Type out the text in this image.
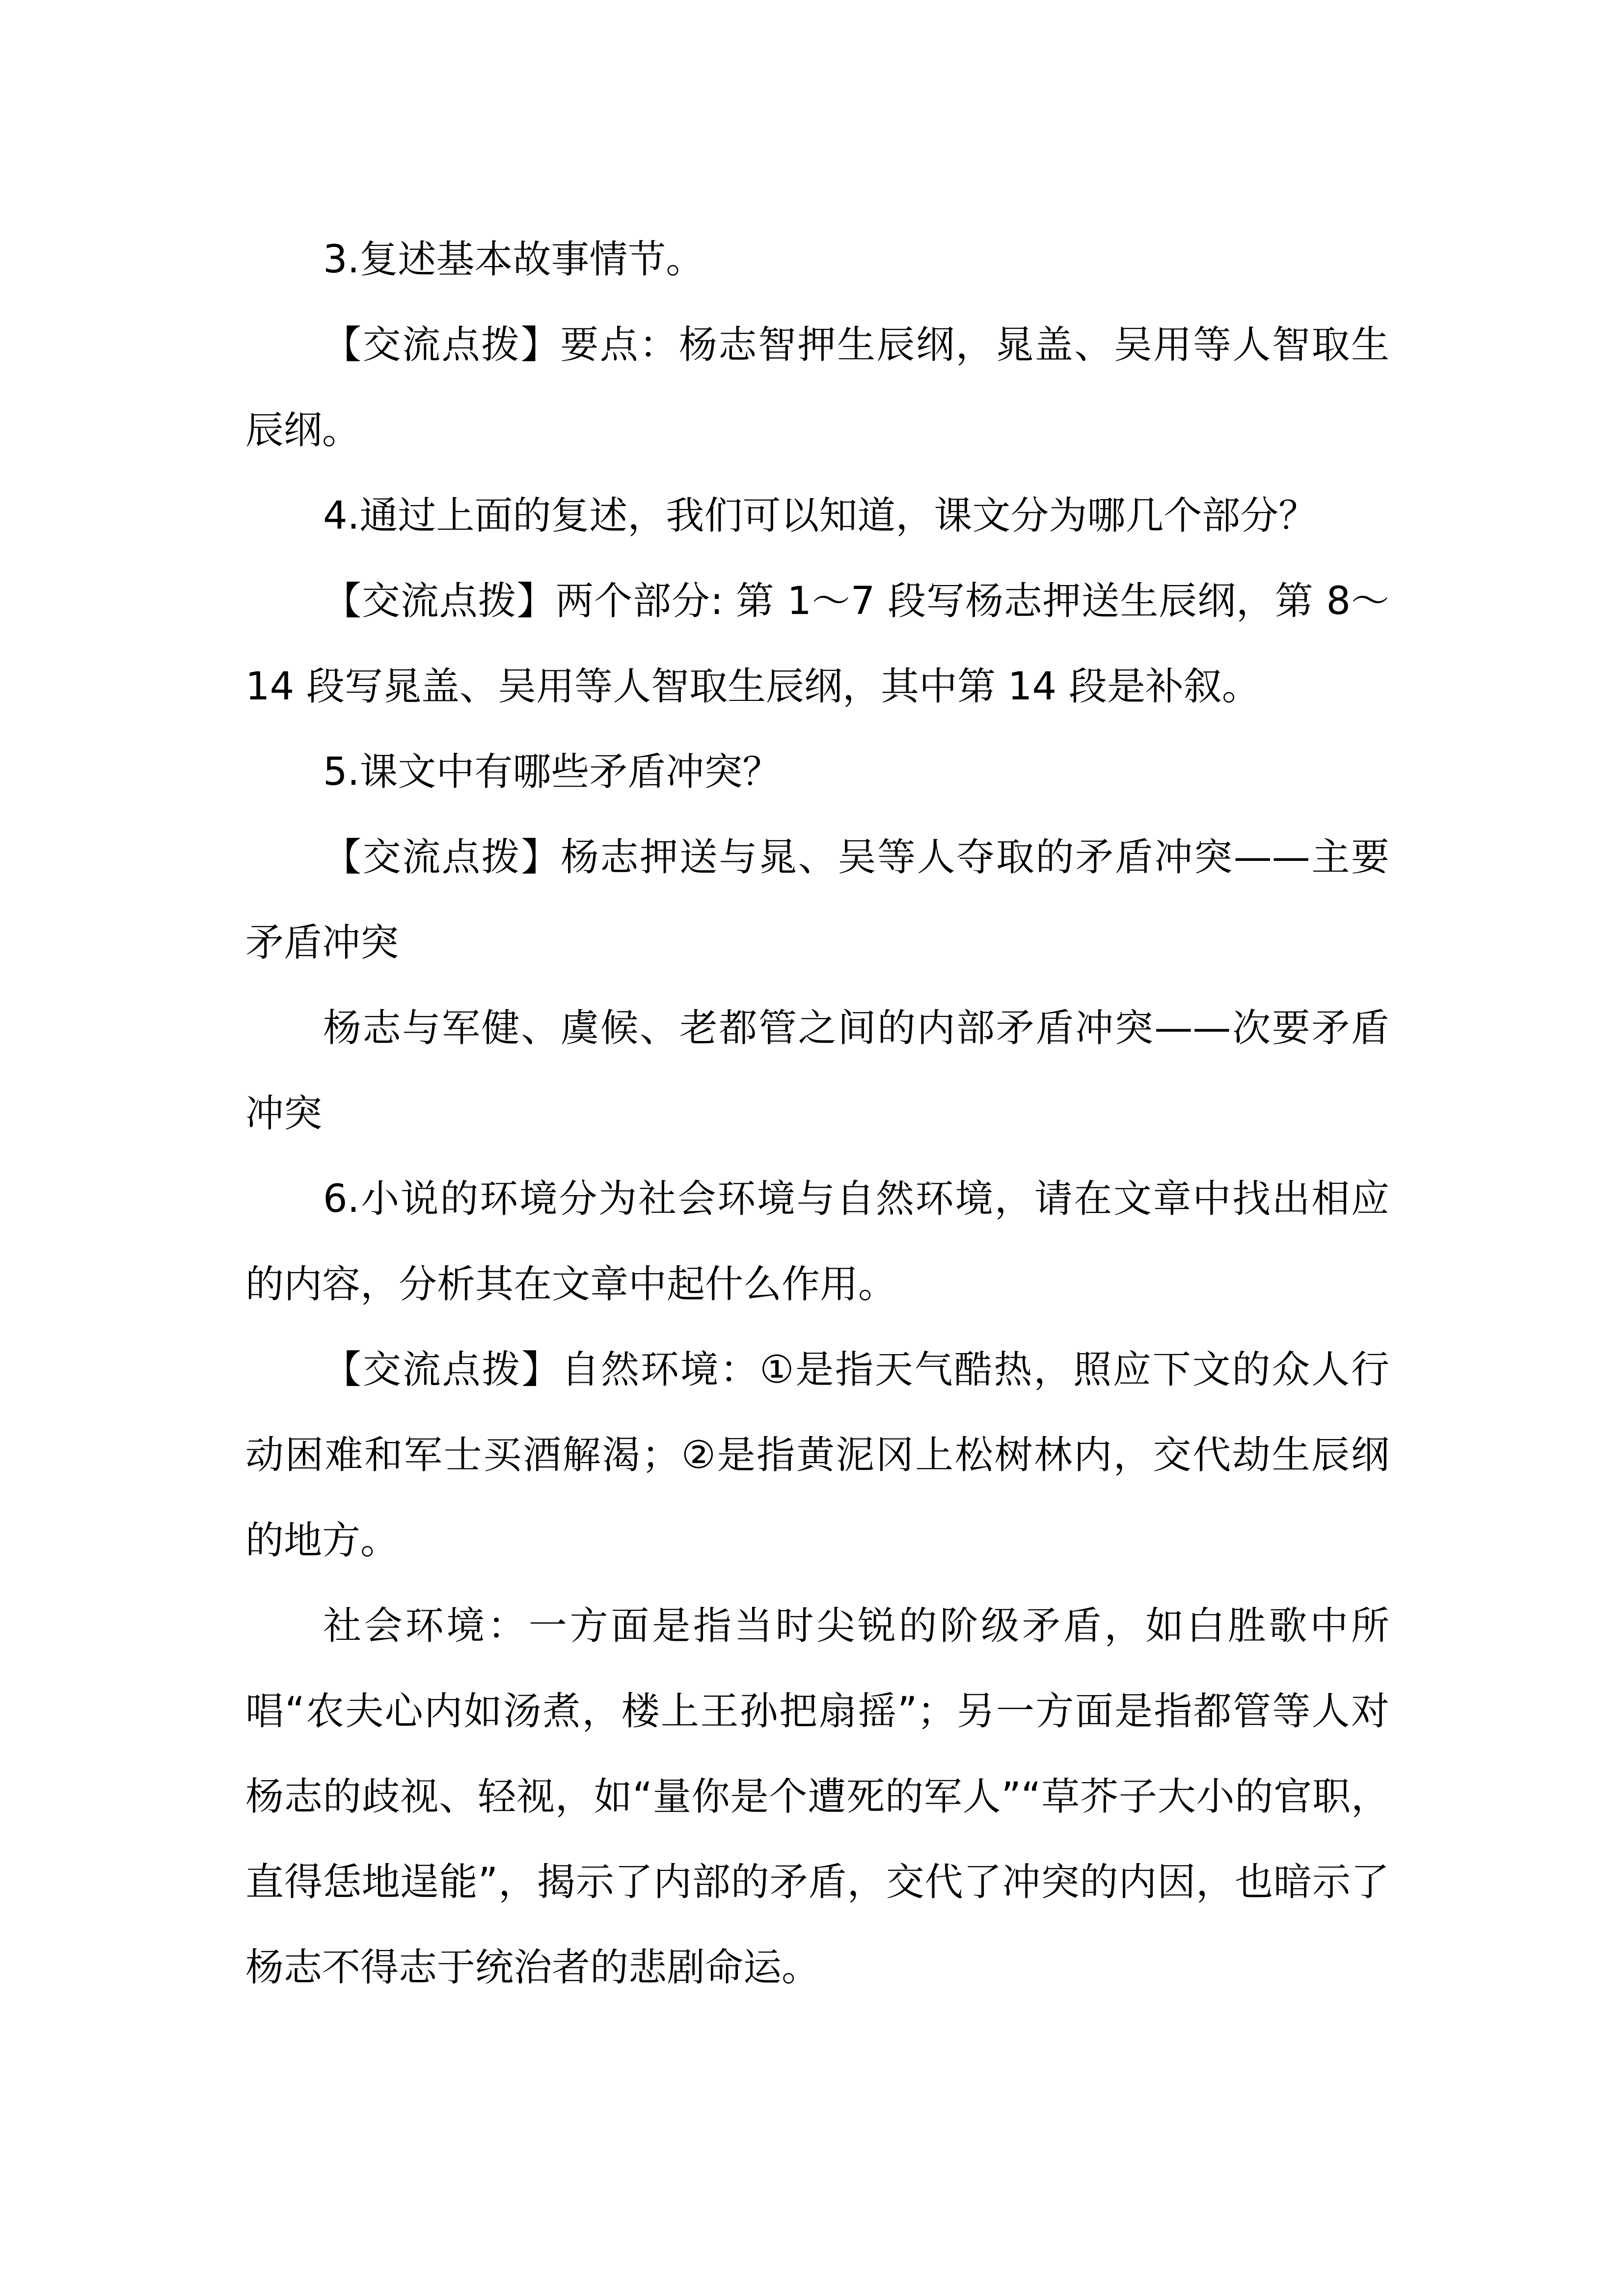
3.复述基本故事情节。

【交流点拨】要点：杨志智押生辰纲，晁盖、吴用等人智取生辰纲。

4.通过上面的复述，我们可以知道，课文分为哪几个部分？

【交流点拨】两个部分: 第 1～7 段写杨志押送生辰纲，第 8～14 段写晁盖、吴用等人智取生辰纲，其中第 14 段是补叙。

5.课文中有哪些矛盾冲突？

【交流点拨】杨志押送与晁、吴等人夺取的矛盾冲突——主要矛盾冲突

杨志与军健、虞候、老都管之间的内部矛盾冲突——次要矛盾冲突

6.小说的环境分为社会环境与自然环境，请在文章中找出相应的内容，分析其在文章中起什么作用。

【交流点拨】自然环境：①是指天气酷热，照应下文的众人行动困难和军士买酒解渴；②是指黄泥冈上松树林内，交代劫生辰纲的地方。

社会环境：一方面是指当时尖锐的阶级矛盾，如白胜歌中所唱“农夫心内如汤煮，楼上王孙把扇摇”；另一方面是指都管等人对杨志的歧视、轻视，如“量你是个遭死的军人”“草芥子大小的官职，直得恁地逞能”，揭示了内部的矛盾，交代了冲突的内因，也暗示了杨志不得志于统治者的悲剧命运。
